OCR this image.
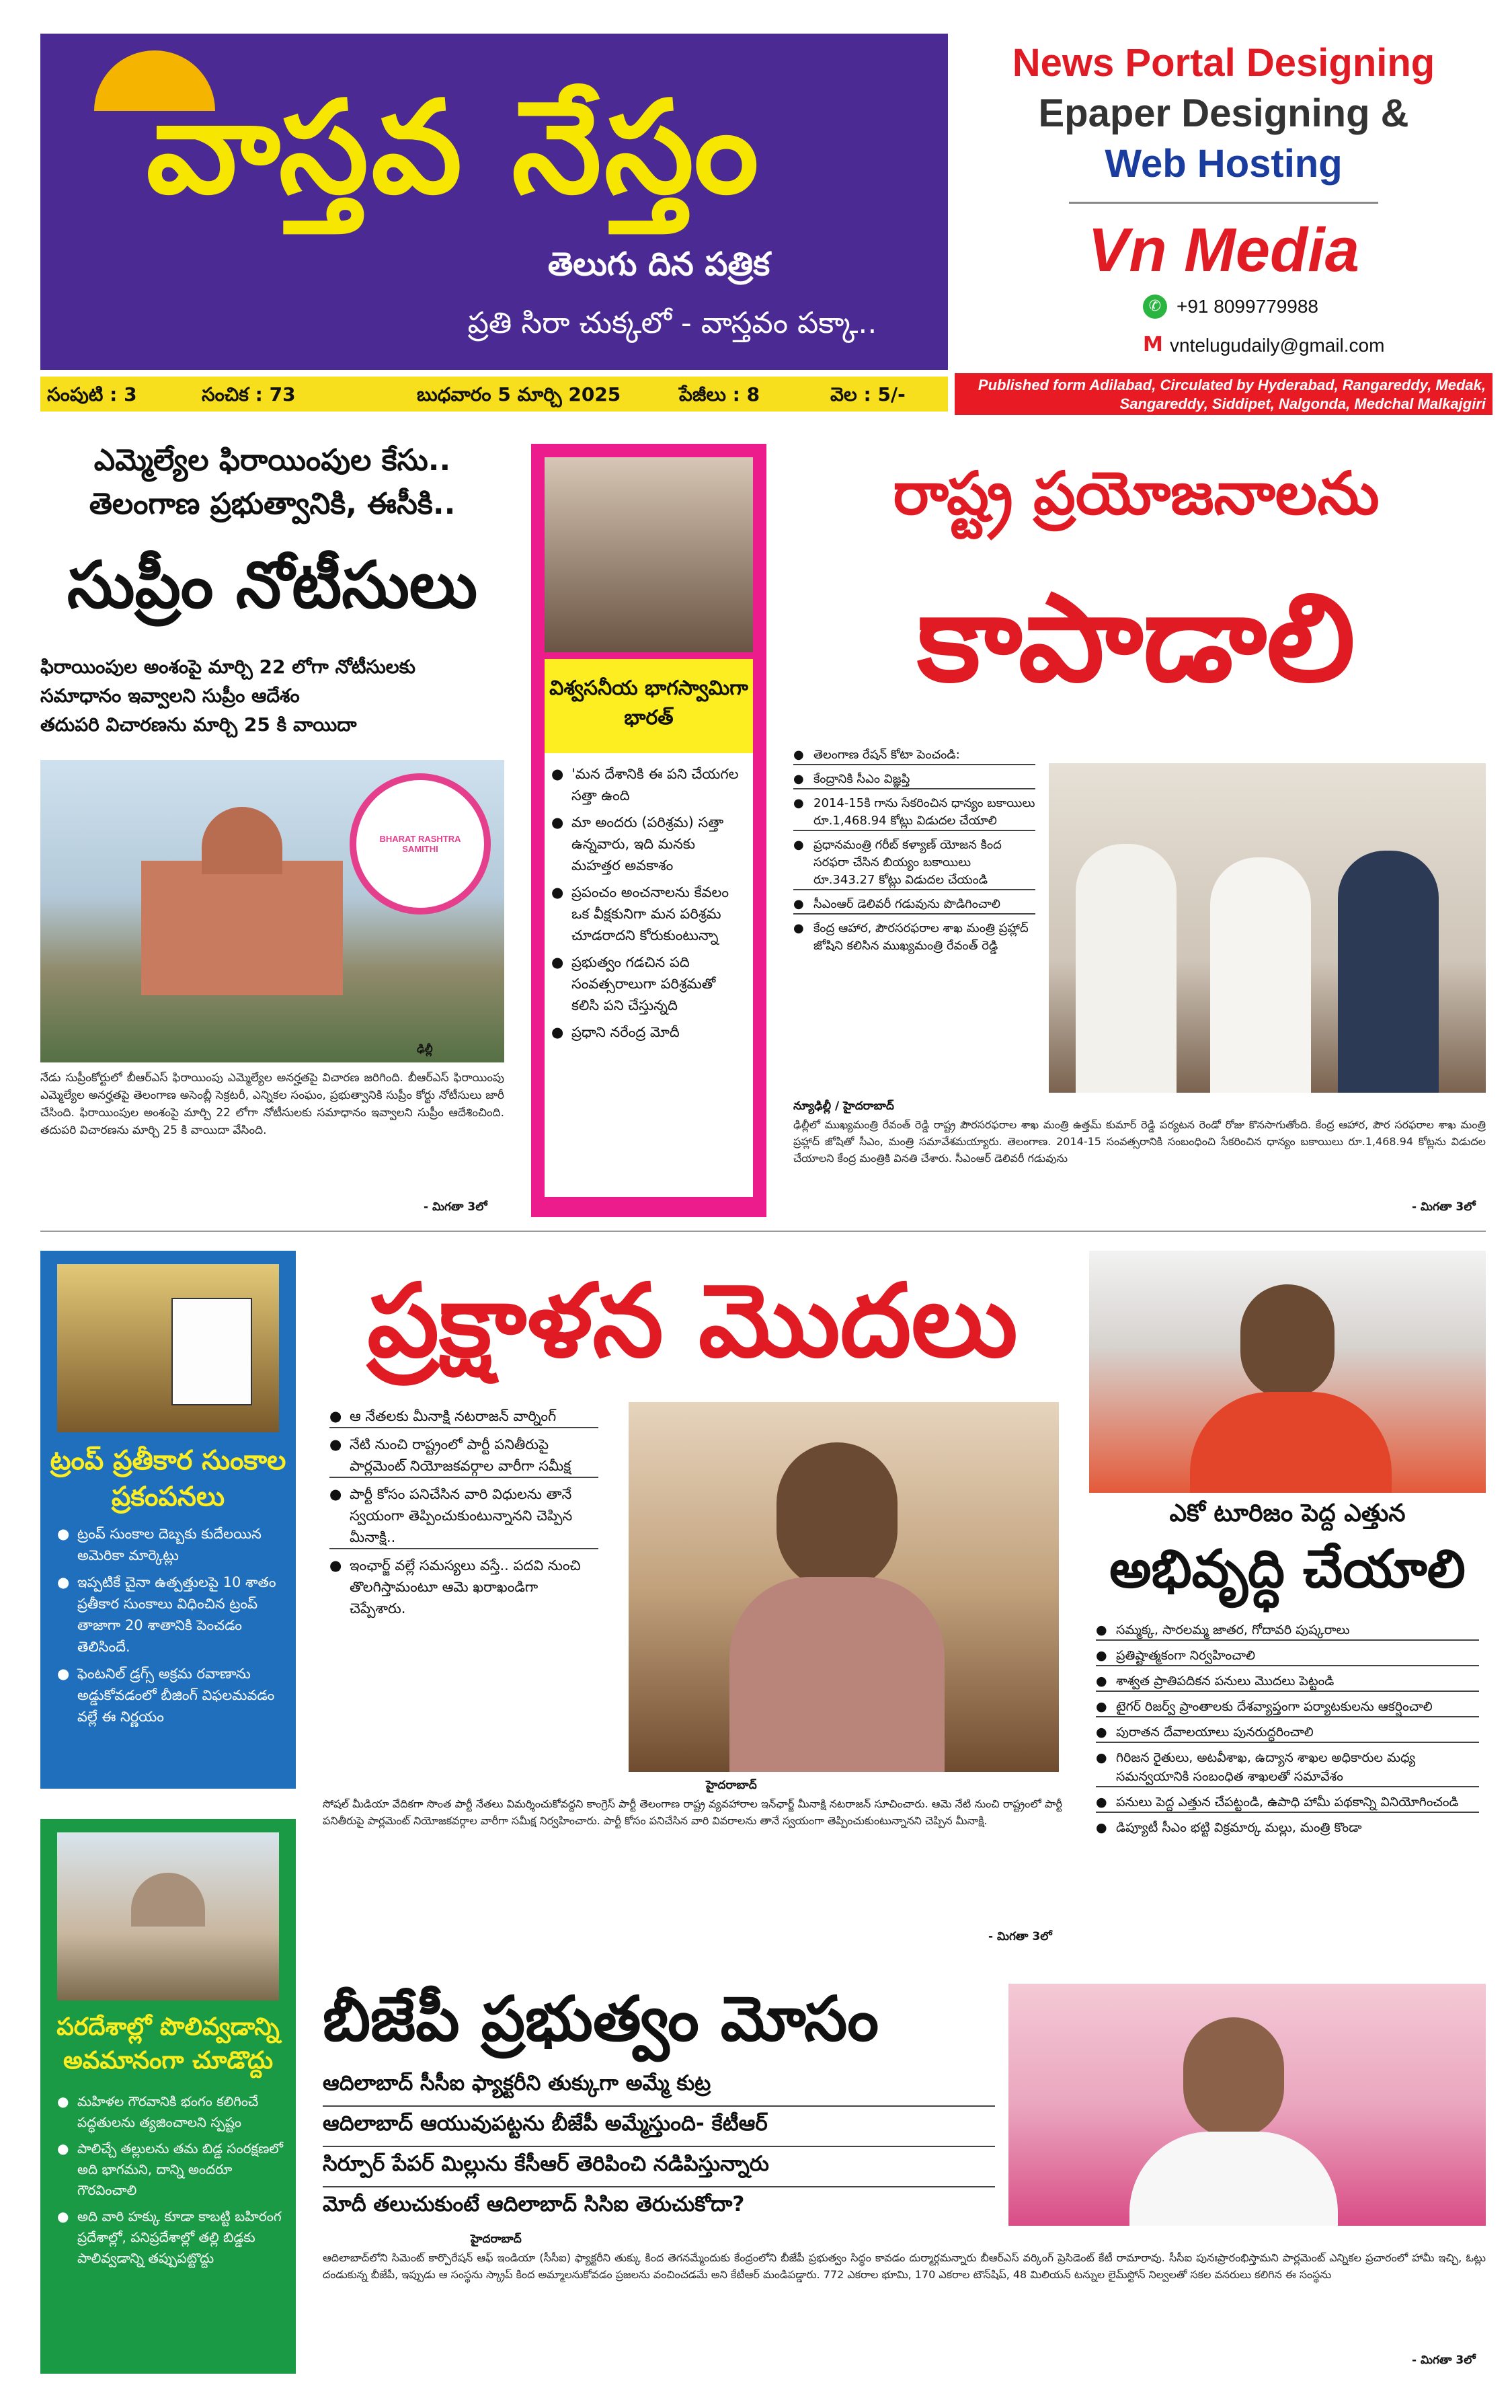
వాస్తవ నేస్తం
తెలుగు దిన పత్రిక
ప్రతి సిరా చుక్కలో - వాస్తవం పక్కా..
News Portal Designing
Epaper Designing &
Web Hosting
Vn Media
✆ +91 8099779988
M vntelugudaily@gmail.com
సంపుటి : 3	సంచిక : 73	బుధవారం 5 మార్చి 2025	పేజీలు : 8	వెల : 5/-	Published form Adilabad, Circulated by Hyderabad, Rangareddy, Medak, Sangareddy, Siddipet, Nalgonda, Medchal Malkajgiri
ఎమ్మెల్యేల ఫిరాయింపుల కేసు..
తెలంగాణ ప్రభుత్వానికి, ఈసీకి..
సుప్రీం నోటీసులు
ఫిరాయింపుల అంశంపై మార్చి 22 లోగా నోటీసులకు
సమాధానం ఇవ్వాలని సుప్రీం ఆదేశం
తదుపరి విచారణను మార్చి 25 కి వాయిదా
BHARAT RASHTRA SAMITHI
ఢిల్లీ
నేడు సుప్రీంకోర్టులో బీఆర్ఎస్ ఫిరాయింపు ఎమ్మెల్యేల అనర్హతపై విచారణ జరిగింది. బీఆర్ఎస్ ఫిరాయింపు ఎమ్మెల్యేల అనర్హతపై తెలంగాణ అసెంబ్లీ సెక్రటరీ, ఎన్నికల సంఘం, ప్రభుత్వానికి సుప్రీం కోర్టు నోటీసులు జారీ చేసింది. ఫిరాయింపుల అంశంపై మార్చి 22 లోగా నోటీసులకు సమాధానం ఇవ్వాలని సుప్రీం ఆదేశించింది. తదుపరి విచారణను మార్చి 25 కి వాయిదా వేసింది.
- మిగతా 3లో
విశ్వసనీయ భాగస్వామిగా భారత్
● 'మన దేశానికి ఈ పని చేయగల సత్తా ఉంది
● మా అందరు (పరిశ్రమ) సత్తా ఉన్నవారు, ఇది మనకు మహత్తర అవకాశం
● ప్రపంచం అంచనాలను కేవలం ఒక వీక్షకునిగా మన పరిశ్రమ చూడరాదని కోరుకుంటున్నా
● ప్రభుత్వం గడచిన పది సంవత్సరాలుగా పరిశ్రమతో కలిసి పని చేస్తున్నది
● ప్రధాని నరేంద్ర మోదీ
రాష్ట్ర ప్రయోజనాలను
కాపాడాలి
● తెలంగాణ రేషన్ కోటా పెంచండి:
● కేంద్రానికి సీఎం విజ్ఞప్తి
● 2014-15కి గాను సేకరించిన ధాన్యం బకాయిలు రూ.1,468.94 కోట్లు విడుదల చేయాలి
● ప్రధానమంత్రి గరీబ్ కళ్యాణ్ యోజన కింద సరఫరా చేసిన బియ్యం బకాయిలు రూ.343.27 కోట్లు విడుదల చేయండి
● సీఎంఆర్ డెలివరీ గడువును పొడిగించాలి
● కేంద్ర ఆహార, పౌరసరఫరాల శాఖ మంత్రి ప్రహ్లాద్ జోషిని కలిసిన ముఖ్యమంత్రి రేవంత్ రెడ్డి
న్యూఢిల్లీ / హైదరాబాద్
ఢిల్లీలో ముఖ్యమంత్రి రేవంత్ రెడ్డి రాష్ట్ర పౌరసరఫరాల శాఖ మంత్రి ఉత్తమ్ కుమార్ రెడ్డి పర్యటన రెండో రోజు కొనసాగుతోంది. కేంద్ర ఆహార, పౌర సరఫరాల శాఖ మంత్రి ప్రహ్లాద్ జోషితో సీఎం, మంత్రి సమావేశమయ్యారు. తెలంగాణ. 2014-15 సంవత్సరానికి సంబంధించి సేకరించిన ధాన్యం బకాయిలు రూ.1,468.94 కోట్లను విడుదల చేయాలని కేంద్ర మంత్రికి వినతి చేశారు. సీఎంఆర్ డెలివరీ గడువును
- మిగతా 3లో
ట్రంప్ ప్రతీకార సుంకాల ప్రకంపనలు
● ట్రంప్ సుంకాల దెబ్బకు కుదేలయిన అమెరికా మార్కెట్లు
● ఇప్పటికే చైనా ఉత్పత్తులపై 10 శాతం ప్రతీకార సుంకాలు విధించిన ట్రంప్ తాజాగా 20 శాతానికి పెంచడం తెలిసిందే.
● ఫెంటనిల్ డ్రగ్స్ అక్రమ రవాణాను అడ్డుకోవడంలో బీజింగ్ విఫలమవడం వల్లే ఈ నిర్ణయం
ప్రక్షాళన మొదలు
● ఆ నేతలకు మీనాక్షి నటరాజన్ వార్నింగ్
● నేటి నుంచి రాష్ట్రంలో పార్టీ పనితీరుపై పార్లమెంట్ నియోజకవర్గాల వారీగా సమీక్ష
● పార్టీ కోసం పనిచేసిన వారి విధులను తానే స్వయంగా తెప్పించుకుంటున్నానని చెప్పిన మీనాక్షి..
● ఇంఛార్జ్ వల్లే సమస్యలు వస్తే.. పదవి నుంచి తొలగిస్తామంటూ ఆమె ఖరాఖండిగా చెప్పేశారు.
హైదరాబాద్
సోషల్ మీడియా వేదికగా సొంత పార్టీ నేతలు విమర్శించుకోవద్దని కాంగ్రెస్ పార్టీ తెలంగాణ రాష్ట్ర వ్యవహారాల ఇన్‌ఛార్జ్ మీనాక్షి నటరాజన్ సూచించారు. ఆమె నేటి నుంచి రాష్ట్రంలో పార్టీ పనితీరుపై పార్లమెంట్ నియోజకవర్గాల వారీగా సమీక్ష నిర్వహించారు. పార్టీ కోసం పనిచేసిన వారి వివరాలను తానే స్వయంగా తెప్పించుకుంటున్నానని చెప్పిన మీనాక్షి.
- మిగతా 3లో
ఎకో టూరిజం పెద్ద ఎత్తున
అభివృద్ధి చేయాలి
● సమ్మక్క, సారలమ్మ జాతర, గోదావరి పుష్కరాలు
● ప్రతిష్టాత్మకంగా నిర్వహించాలి
● శాశ్వత ప్రాతిపదికన పనులు మొదలు పెట్టండి
● టైగర్ రిజర్వ్ ప్రాంతాలకు దేశవ్యాప్తంగా పర్యాటకులను ఆకర్షించాలి
● పురాతన దేవాలయాలు పునరుద్ధరించాలి
● గిరిజన రైతులు, అటవీశాఖ, ఉద్యాన శాఖల అధికారుల మధ్య సమన్వయానికి సంబంధిత శాఖలతో సమావేశం
● పనులు పెద్ద ఎత్తున చేపట్టండి, ఉపాధి హామీ పథకాన్ని వినియోగించండి
● డిప్యూటీ సీఎం భట్టి విక్రమార్క మల్లు, మంత్రి కొండా
పరదేశాల్లో పొలివ్వడాన్ని అవమానంగా చూడొద్దు
● మహిళల గౌరవానికి భంగం కలిగించే పద్ధతులను త్యజించాలని స్పష్టం
● పాలిచ్చే తల్లులను తమ బిడ్డ సంరక్షణలో అది భాగమని, దాన్ని అందరూ గౌరవించాలి
● అది వారి హక్కు కూడా కాబట్టి బహిరంగ ప్రదేశాల్లో, పనిప్రదేశాల్లో తల్లి బిడ్డకు పాలివ్వడాన్ని తప్పుపట్టొద్దు
బీజేపీ ప్రభుత్వం మోసం
ఆదిలాబాద్ సీసీఐ ఫ్యాక్టరీని తుక్కుగా అమ్మే కుట్ర
ఆదిలాబాద్ ఆయువుపట్టను బీజేపీ అమ్మేస్తుంది- కేటీఆర్
సిర్పూర్ పేపర్ మిల్లును కేసీఆర్ తెరిపించి నడిపిస్తున్నారు
మోదీ తలుచుకుంటే ఆదిలాబాద్ సిసిఐ తెరుచుకోదా?
హైదరాబాద్
ఆదిలాబాద్‌లోని సిమెంట్ కార్పొరేషన్ ఆఫ్ ఇండియా (సీసీఐ) ఫ్యాక్టరీని తుక్కు కింద తెగనమ్మేందుకు కేంద్రంలోని బీజేపీ ప్రభుత్వం సిద్ధం కావడం దుర్మార్గమన్నారు బీఆర్ఎస్ వర్కింగ్ ప్రెసిడెంట్ కేటీ రామారావు. సీసీఐ పునఃప్రారంభిస్తామని పార్లమెంట్ ఎన్నికల ప్రచారంలో హామీ ఇచ్చి, ఓట్లు దండుకున్న బీజేపీ, ఇప్పుడు ఆ సంస్థను స్క్రాప్ కింద అమ్మాలనుకోవడం ప్రజలను వంచించడమే అని కేటీఆర్ మండిపడ్డారు. 772 ఎకరాల భూమి, 170 ఎకరాల టౌన్‌షిప్, 48 మిలియన్ టన్నుల లైమ్‌స్టోన్ నిల్వలతో సకల వనరులు కలిగిన ఈ సంస్థను
- మిగతా 3లో
